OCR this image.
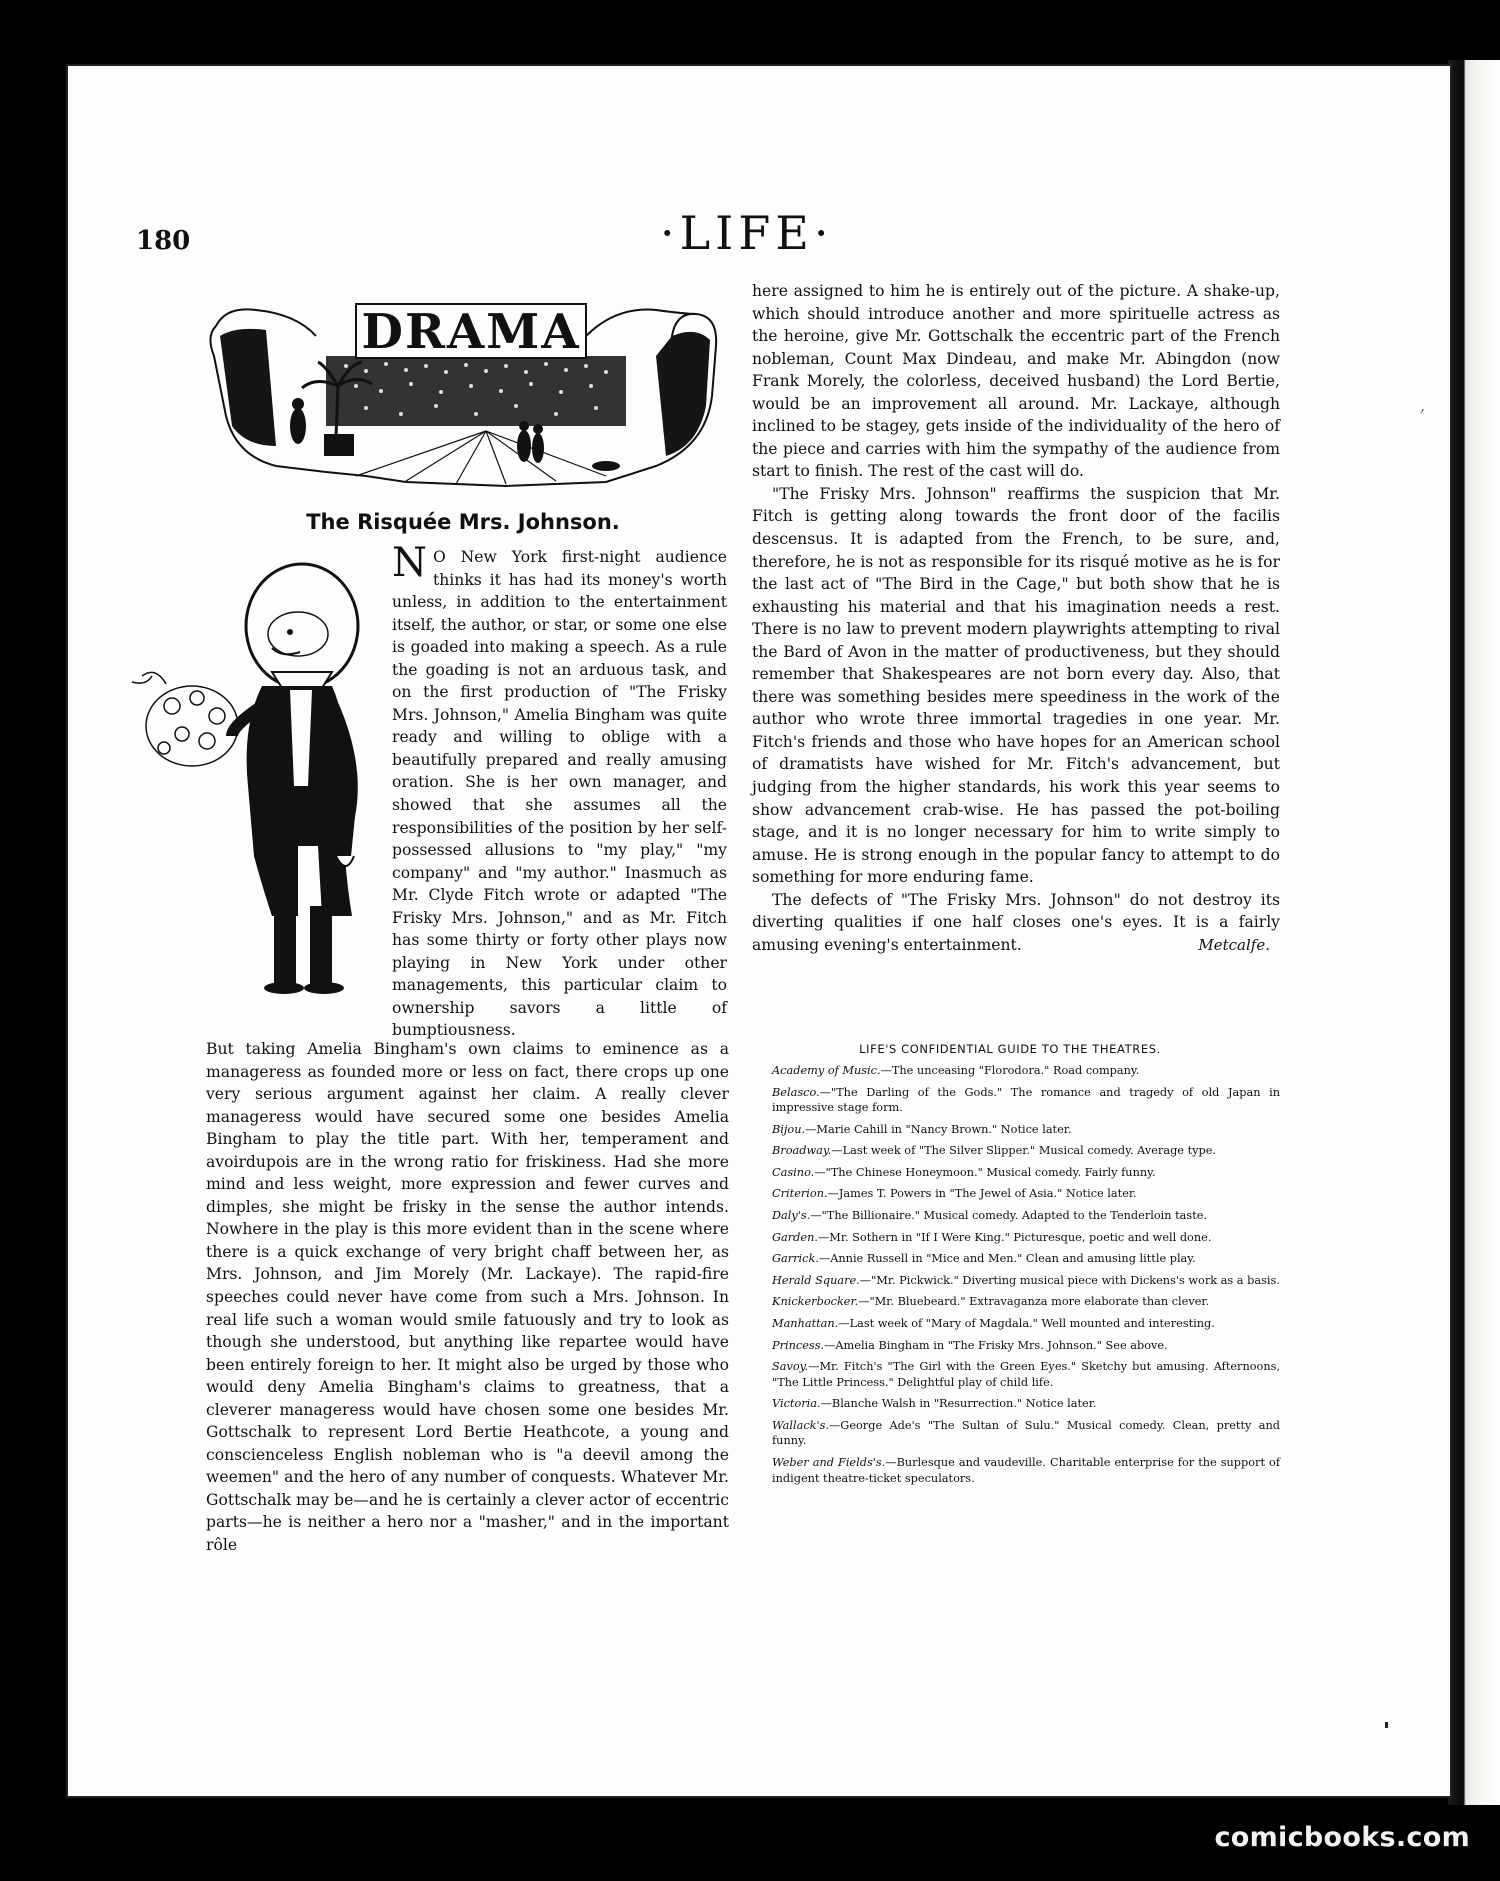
180	·LIFE·
‚
DRAMA
The Risquée Mrs. Johnson.
N O New York first-night audience thinks it has had its money's worth unless, in addition to the entertainment itself, the author, or star, or some one else is goaded into making a speech. As a rule the goading is not an arduous task, and on the first production of "The Frisky Mrs. Johnson," Amelia Bingham was quite ready and willing to oblige with a beautifully prepared and really amusing oration. She is her own manager, and showed that she assumes all the responsibilities of the position by her self-possessed allusions to "my play," "my company" and "my author." Inasmuch as Mr. Clyde Fitch wrote or adapted "The Frisky Mrs. Johnson," and as Mr. Fitch has some thirty or forty other plays now playing in New York under other managements, this particular claim to ownership savors a little of bumptiousness.

But taking Amelia Bingham's own claims to eminence as a manageress as founded more or less on fact, there crops up one very serious argument against her claim. A really clever manageress would have secured some one besides Amelia Bingham to play the title part. With her, temperament and avoirdupois are in the wrong ratio for friskiness. Had she more mind and less weight, more expression and fewer curves and dimples, she might be frisky in the sense the author intends. Nowhere in the play is this more evident than in the scene where there is a quick exchange of very bright chaff between her, as Mrs. Johnson, and Jim Morely (Mr. Lackaye). The rapid-fire speeches could never have come from such a Mrs. Johnson. In real life such a woman would smile fatuously and try to look as though she understood, but anything like repartee would have been entirely foreign to her. It might also be urged by those who would deny Amelia Bingham's claims to greatness, that a cleverer manageress would have chosen some one besides Mr. Gottschalk to represent Lord Bertie Heathcote, a young and conscienceless English nobleman who is "a deevil among the weemen" and the hero of any number of conquests. Whatever Mr. Gottschalk may be—and he is certainly a clever actor of eccentric parts—he is neither a hero nor a "masher," and in the important rôle

here assigned to him he is entirely out of the picture. A shake-up, which should introduce another and more spirituelle actress as the heroine, give Mr. Gottschalk the eccentric part of the French nobleman, Count Max Dindeau, and make Mr. Abingdon (now Frank Morely, the colorless, deceived husband) the Lord Bertie, would be an improvement all around. Mr. Lackaye, although inclined to be stagey, gets inside of the individuality of the hero of the piece and carries with him the sympathy of the audience from start to finish. The rest of the cast will do.

"The Frisky Mrs. Johnson" reaffirms the suspicion that Mr. Fitch is getting along towards the front door of the facilis descensus. It is adapted from the French, to be sure, and, therefore, he is not as responsible for its risqué motive as he is for the last act of "The Bird in the Cage," but both show that he is exhausting his material and that his imagination needs a rest. There is no law to prevent modern playwrights attempting to rival the Bard of Avon in the matter of productiveness, but they should remember that Shakespeares are not born every day. Also, that there was something besides mere speediness in the work of the author who wrote three immortal tragedies in one year. Mr. Fitch's friends and those who have hopes for an American school of dramatists have wished for Mr. Fitch's advancement, but judging from the higher standards, his work this year seems to show advancement crab-wise. He has passed the pot-boiling stage, and it is no longer necessary for him to write simply to amuse. He is strong enough in the popular fancy to attempt to do something for more enduring fame.

The defects of "The Frisky Mrs. Johnson" do not destroy its diverting qualities if one half closes one's eyes. It is a fairly amusing evening's entertainment.	Metcalfe.

LIFE'S CONFIDENTIAL GUIDE TO THE THEATRES.
Academy of Music.—The unceasing "Florodora." Road company.
Belasco.—"The Darling of the Gods." The romance and tragedy of old Japan in impressive stage form.
Bijou.—Marie Cahill in "Nancy Brown." Notice later.
Broadway.—Last week of "The Silver Slipper." Musical comedy. Average type.
Casino.—"The Chinese Honeymoon." Musical comedy. Fairly funny.
Criterion.—James T. Powers in "The Jewel of Asia." Notice later.
Daly's.—"The Billionaire." Musical comedy. Adapted to the Tenderloin taste.
Garden.—Mr. Sothern in "If I Were King." Picturesque, poetic and well done.
Garrick.—Annie Russell in "Mice and Men." Clean and amusing little play.
Herald Square.—"Mr. Pickwick." Diverting musical piece with Dickens's work as a basis.
Knickerbocker.—"Mr. Bluebeard." Extravaganza more elaborate than clever.
Manhattan.—Last week of "Mary of Magdala." Well mounted and interesting.
Princess.—Amelia Bingham in "The Frisky Mrs. Johnson." See above.
Savoy.—Mr. Fitch's "The Girl with the Green Eyes." Sketchy but amusing. Afternoons, "The Little Princess." Delightful play of child life.
Victoria.—Blanche Walsh in "Resurrection." Notice later.
Wallack's.—George Ade's "The Sultan of Sulu." Musical comedy. Clean, pretty and funny.
Weber and Fields's.—Burlesque and vaudeville. Charitable enterprise for the support of indigent theatre-ticket speculators.
comicbooks.com
